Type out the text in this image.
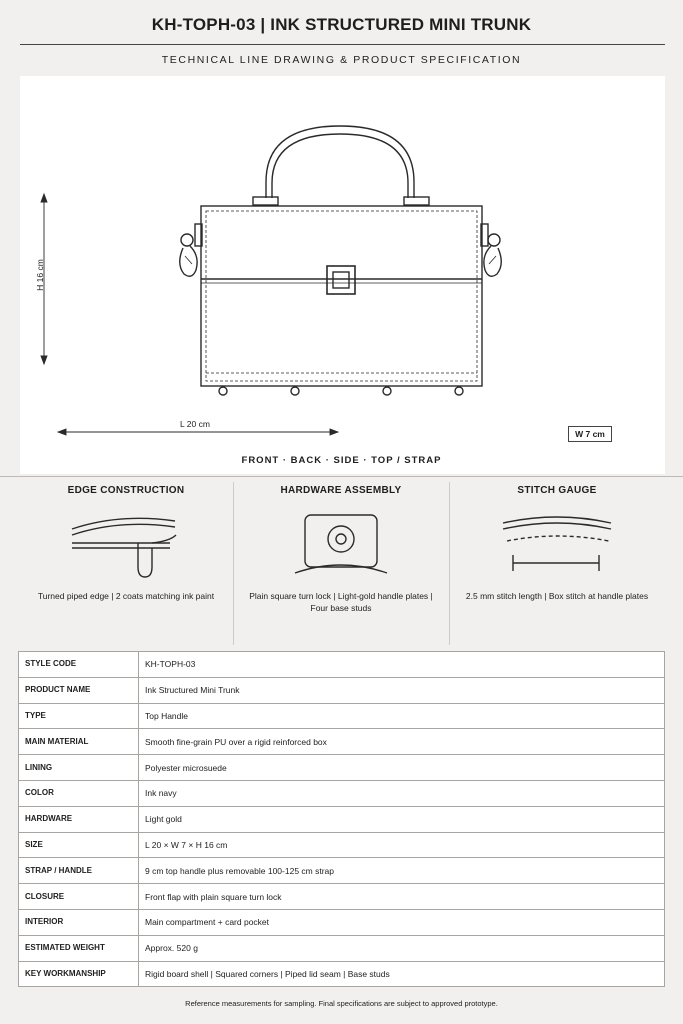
KH-TOPH-03 | INK STRUCTURED MINI TRUNK
TECHNICAL LINE DRAWING & PRODUCT SPECIFICATION
H 16 cm
L 20 cm
W 7 cm
FRONT · BACK · SIDE · TOP / STRAP
EDGE CONSTRUCTION

Turned piped edge | 2 coats matching ink paint

HARDWARE ASSEMBLY

Plain square turn lock | Light-gold handle plates | Four base studs

STITCH GAUGE

2.5 mm stitch length | Box stitch at handle plates

STYLE CODE	KH-TOPH-03
PRODUCT NAME	Ink Structured Mini Trunk
TYPE	Top Handle
MAIN MATERIAL	Smooth fine-grain PU over a rigid reinforced box
LINING	Polyester microsuede
COLOR	Ink navy
HARDWARE	Light gold
SIZE	L 20 × W 7 × H 16 cm
STRAP / HANDLE	9 cm top handle plus removable 100-125 cm strap
CLOSURE	Front flap with plain square turn lock
INTERIOR	Main compartment + card pocket
ESTIMATED WEIGHT	Approx. 520 g
KEY WORKMANSHIP	Rigid board shell | Squared corners | Piped lid seam | Base studs
Reference measurements for sampling. Final specifications are subject to approved prototype.
